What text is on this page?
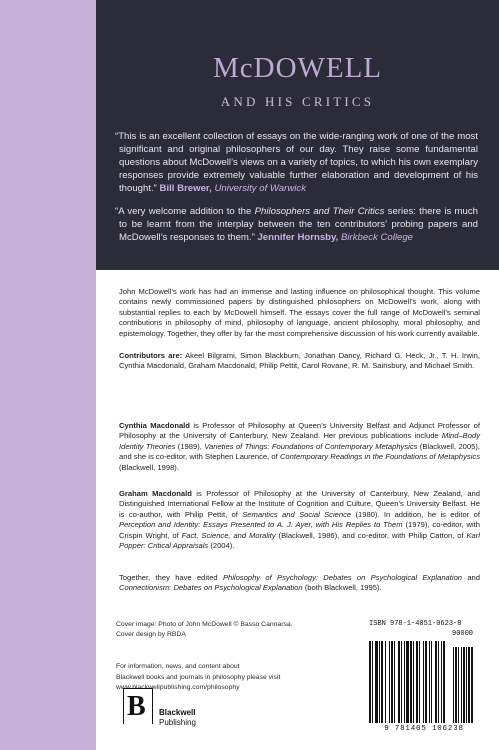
McDOWELL
AND HIS CRITICS

“This is an excellent collection of essays on the wide-ranging work of one of the most significant and original philosophers of our day. They raise some fundamental questions about McDowell’s views on a variety of topics, to which his own exemplary responses provide extremely valuable further elaboration and development of his thought.” Bill Brewer, University of Warwick

“A very welcome addition to the Philosophers and Their Critics series: there is much to be learnt from the interplay between the ten contributors’ probing papers and McDowell’s responses to them.” Jennifer Hornsby, Birkbeck College

John McDowell’s work has had an immense and lasting influence on philosophical thought. This volume contains newly commissioned papers by distinguished philosophers on McDowell’s work, along with substantial replies to each by McDowell himself. The essays cover the full range of McDowell’s seminal contributions in philosophy of mind, philosophy of language, ancient philosophy, moral philosophy, and epistemology. Together, they offer by far the most comprehensive discussion of his work currently available.

Contributors are: Akeel Bilgrami, Simon Blackburn, Jonathan Dancy, Richard G. Heck, Jr., T. H. Irwin, Cynthia Macdonald, Graham Macdonald, Philip Pettit, Carol Rovane, R. M. Sainsbury, and Michael Smith.

Cynthia Macdonald is Professor of Philosophy at Queen’s University Belfast and Adjunct Professor of Philosophy at the University of Canterbury, New Zealand. Her previous publications include Mind–Body Identity Theories (1989), Varieties of Things: Foundations of Contemporary Metaphysics (Blackwell, 2005), and she is co-editor, with Stephen Laurence, of Contemporary Readings in the Foundations of Metaphysics (Blackwell, 1998).

Graham Macdonald is Professor of Philosophy at the University of Canterbury, New Zealand, and Distinguished International Fellow at the Institute of Cognition and Culture, Queen’s University Belfast. He is co-author, with Philip Pettit, of Semantics and Social Science (1980). In addition, he is editor of Perception and Identity: Essays Presented to A. J. Ayer, with His Replies to Them (1979), co-editor, with Crispin Wright, of Fact, Science, and Morality (Blackwell, 1986), and co-editor, with Philip Catton, of Karl Popper: Critical Appraisals (2004).

Together, they have edited Philosophy of Psychology: Debates on Psychological Explanation and Connectionism: Debates on Psychological Explanation (both Blackwell, 1995).

Cover image: Photo of John McDowell © Basso Cannarsa.
Cover design by RBDA
For information, news, and content about
Blackwell books and journals in philosophy please visit
www.blackwellpublishing.com/philosophy
B Blackwell
Publishing
ISBN 978-1-4051-0623-8
90000
9 781405 106238
